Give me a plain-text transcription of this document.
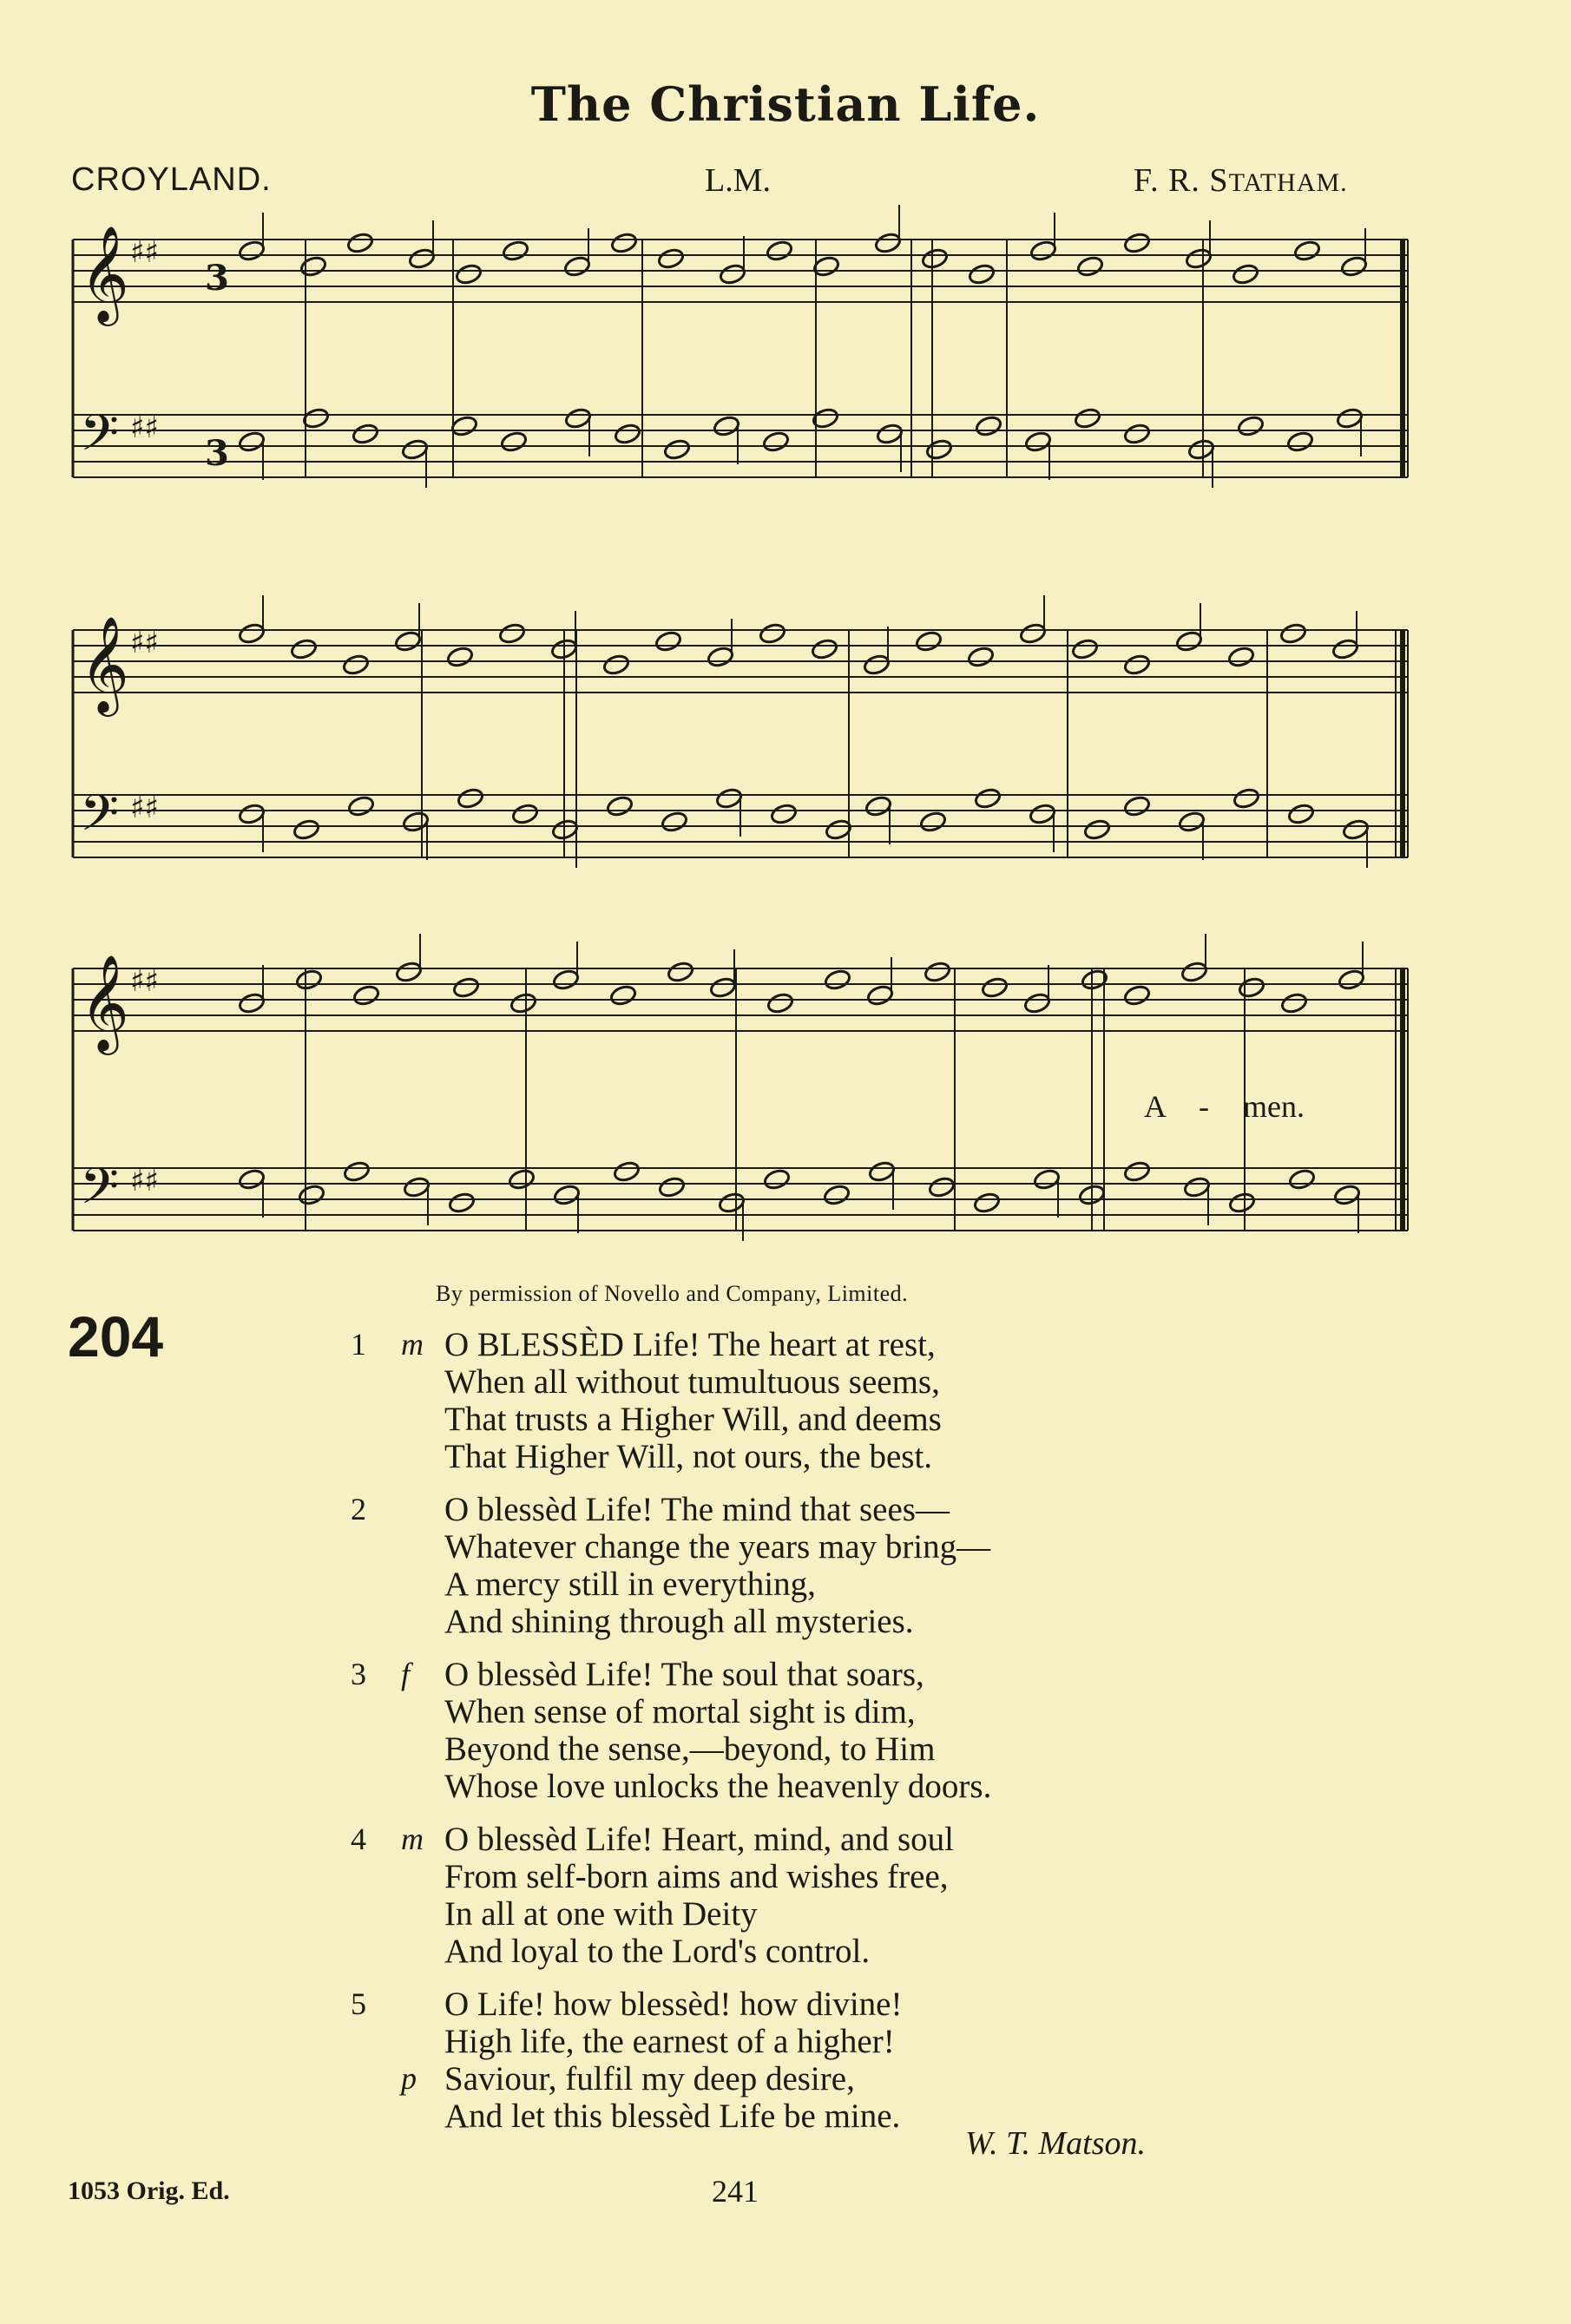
The Christian Life.
CROYLAND.	L.M.	F. R. STATHAM.
𝄞 ♯♯
𝄢 ♯♯
𝄞 ♯♯
𝄢 ♯♯
𝄞 ♯♯
𝄢 ♯♯
3
3
A - men.
By permission of Novello and Company, Limited.
204	1 m O BLESSÈD Life! The heart at rest,
When all without tumultuous seems,
That trusts a Higher Will, and deems
That Higher Will, not ours, the best.
2 O blessèd Life! The mind that sees—
Whatever change the years may bring—
A mercy still in everything,
And shining through all mysteries.
3 f O blessèd Life! The soul that soars,
When sense of mortal sight is dim,
Beyond the sense,—beyond, to Him
Whose love unlocks the heavenly doors.
4 m O blessèd Life! Heart, mind, and soul
From self-born aims and wishes free,
In all at one with Deity
And loyal to the Lord's control.
5
p
O Life! how blessèd! how divine!
High life, the earnest of a higher!
Saviour, fulfil my deep desire,
And let this blessèd Life be mine.
W. T. Matson.
1053 Orig. Ed.	241
